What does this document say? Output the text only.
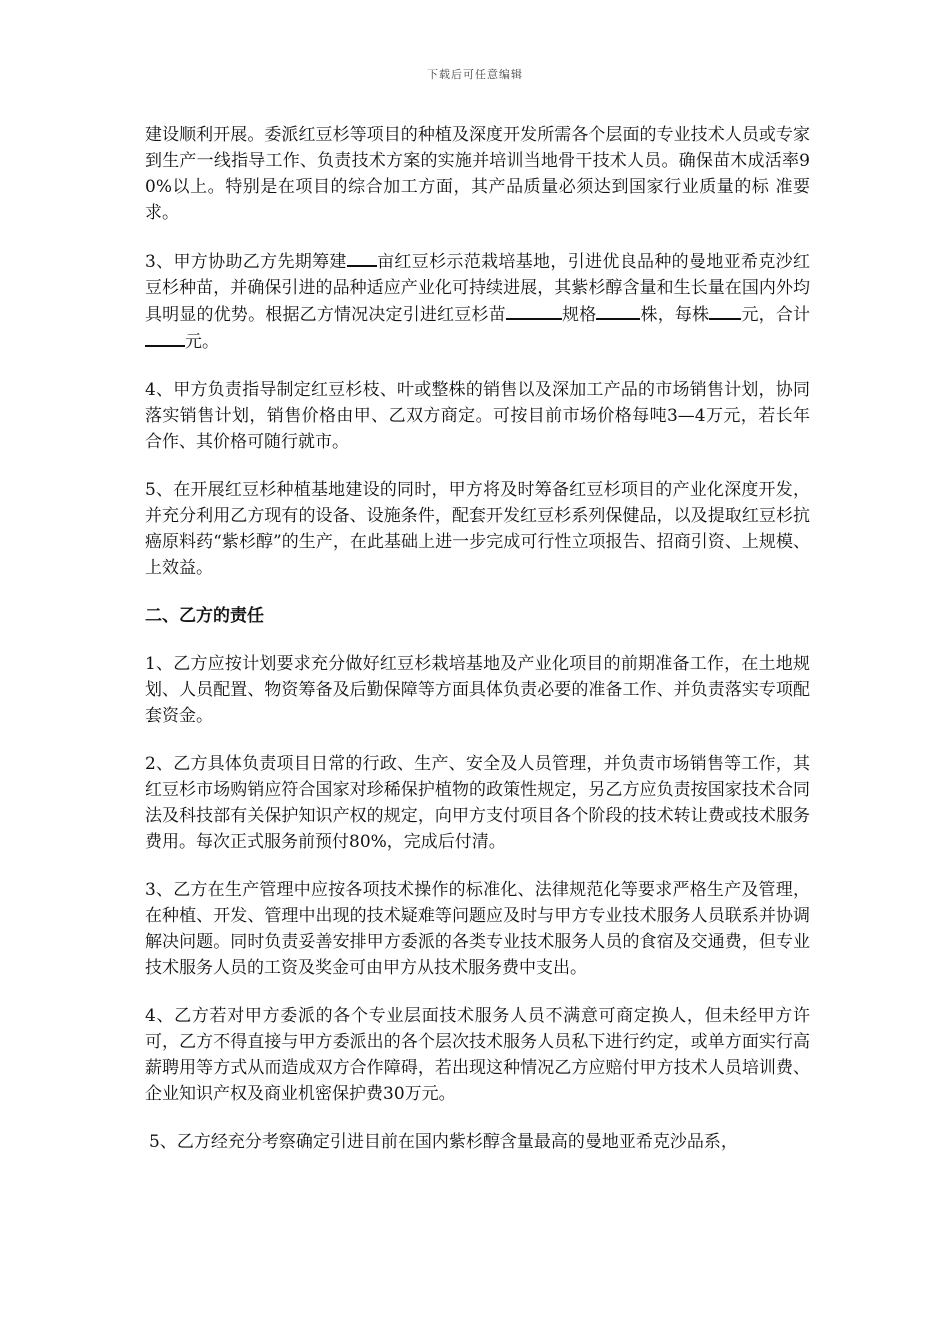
下载后可任意编辑

建设顺利开展。委派红豆杉等项目的种植及深度开发所需各个层面的专业技术人员或专家到生产一线指导工作、负责技术方案的实施并培训当地骨干技术人员。确保苗木成活率90%以上。特别是在项目的综合加工方面，其产品质量必须达到国家行业质量的标 准要求。

3、甲方协助乙方先期筹建 亩红豆杉示范栽培基地，引进优良品种的曼地亚希克沙红豆杉种苗，并确保引进的品种适应产业化可持续进展，其紫杉醇含量和生长量在国内外均具明显的优势。根据乙方情况决定引进红豆杉苗	规格	株，每株 元，合计元。

4、甲方负责指导制定红豆杉枝、叶或整株的销售以及深加工产品的市场销售计划，协同落实销售计划，销售价格由甲、乙双方商定。可按目前市场价格每吨3—4万元，若长年合作、其价格可随行就市。

5、在开展红豆杉种植基地建设的同时，甲方将及时筹备红豆杉项目的产业化深度开发，并充分利用乙方现有的设备、设施条件，配套开发红豆杉系列保健品，以及提取红豆杉抗癌原料药“紫杉醇”的生产，在此基础上进一步完成可行性立项报告、招商引资、上规模、上效益。

二、乙方的责任

1、乙方应按计划要求充分做好红豆杉栽培基地及产业化项目的前期准备工作，在土地规划、人员配置、物资筹备及后勤保障等方面具体负责必要的准备工作、并负责落实专项配套资金。

2、乙方具体负责项目日常的行政、生产、安全及人员管理，并负责市场销售等工作，其红豆杉市场购销应符合国家对珍稀保护植物的政策性规定，另乙方应负责按国家技术合同法及科技部有关保护知识产权的规定，向甲方支付项目各个阶段的技术转让费或技术服务费用。每次正式服务前预付80%，完成后付清。

3、乙方在生产管理中应按各项技术操作的标准化、法律规范化等要求严格生产及管理，在种植、开发、管理中出现的技术疑难等问题应及时与甲方专业技术服务人员联系并协调解决问题。同时负责妥善安排甲方委派的各类专业技术服务人员的食宿及交通费，但专业技术服务人员的工资及奖金可由甲方从技术服务费中支出。

4、乙方若对甲方委派的各个专业层面技术服务人员不满意可商定换人，但未经甲方许可，乙方不得直接与甲方委派出的各个层次技术服务人员私下进行约定，或单方面实行高薪聘用等方式从而造成双方合作障碍，若出现这种情况乙方应赔付甲方技术人员培训费、企业知识产权及商业机密保护费30万元。

5、乙方经充分考察确定引进目前在国内紫杉醇含量最高的曼地亚希克沙品系，
